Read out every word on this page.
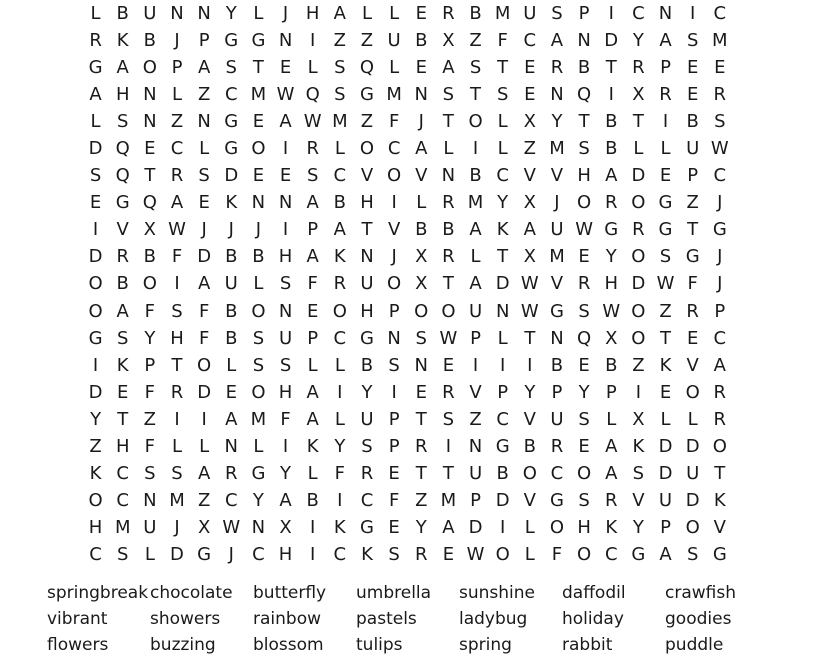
L B U N N Y L	J H A L L E R B M U S P	I	C N I	C
R K B	J	P G G N I	Z Z U B X Z F C A N D Y A S M
G A O P A S T E L S Q L E A S T E R B T R P E E
A H N L Z C M W Q S G M N S T S E N Q I	X R E R
L S N Z N G E A W M Z F	J	T O L X Y T B T	I	B S
D Q E C L G O I	R L O C A L	I	L Z M S B L L U W
S Q T R S D E E S C V O V N B C V V H A D E P C
E G Q A E K N N A B H I	L R M Y X	J O R O G Z	J
I	V X W J	J	J	I	P A T V B B A K A U W G R G T G
D R B F D B B H A K N J	X R L T X M E Y O S G J
O B O I	A U L S F R U O X T A D W V R H D W F	J
O A F S F B O N E O H P O O U N W G S W O Z R P
G S Y H F B S U P C G N S W P L T N Q X O T E C
I	K P T O L S S L L B S N E	I	I	I	B E B Z K V A
D E F R D E O H A	I	Y	I	E R V P Y P Y P	I	E O R
Y T Z	I	I	A M F A L U P T S Z C V U S L X L L R
Z H F L L N L	I	K Y S P R	I N G B R E A K D D O
K C S S A R G Y L F R E T T U B O C O A S D U T
O C N M Z C Y A B	I	C F Z M P D V G S R V U D K
H M U J	X W N X	I	K G E Y A D I	L O H K Y P O V
C S L D G J	C H I	C K S R E W O L F O C G A S G
springbreak
vibrant
flowers
chocolate
showers
buzzing
butterfly
rainbow
blossom
umbrella
pastels
tulips
sunshine
ladybug
spring
daffodil
holiday
rabbit
crawfish
goodies
puddle
